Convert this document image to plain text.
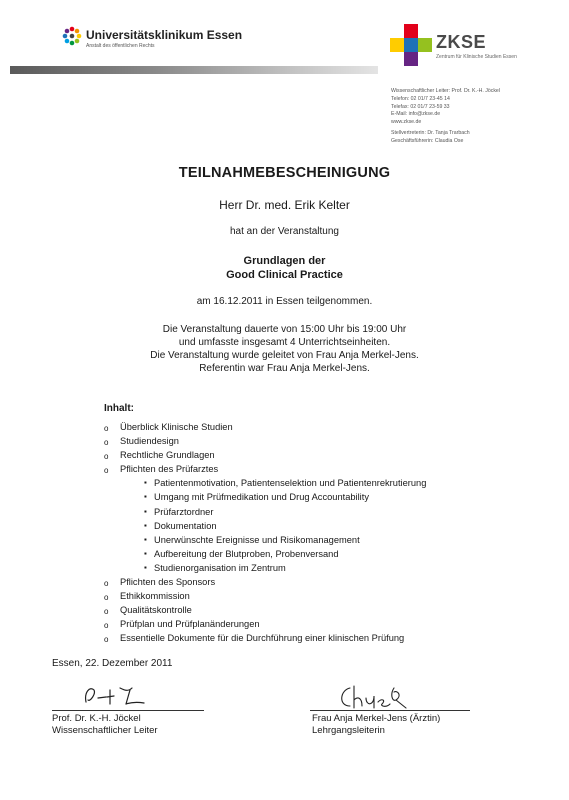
Universitätsklinikum Essen
Anstalt des öffentlichen Rechts	ZKSE
Zentrum für Klinische Studien Essen
Wissenschaftlicher Leiter: Prof. Dr. K.-H. Jöckel
Telefon: 02 01/7 23-45 14
Telefax: 02 01/7 23-59 33
E-Mail: info@zkse.de
www.zkse.de
Stellvertreterin: Dr. Tanja Trarbach
Geschäftsführerin: Claudia Ose
TEILNAHMEBESCHEINIGUNG
Herr Dr. med. Erik Kelter
hat an der Veranstaltung
Grundlagen der
Good Clinical Practice
am 16.12.2011 in Essen teilgenommen.
Die Veranstaltung dauerte von 15:00 Uhr bis 19:00 Uhr
und umfasste insgesamt 4 Unterrichtseinheiten.
Die Veranstaltung wurde geleitet von Frau Anja Merkel-Jens.
Referentin war Frau Anja Merkel-Jens.
Inhalt:
o Überblick Klinische Studien
o Studiendesign
o Rechtliche Grundlagen
o Pflichten des Prüfarztes
▪ Patientenmotivation, Patientenselektion und Patientenrekrutierung
▪ Umgang mit Prüfmedikation und Drug Accountability
▪ Prüfarztordner
▪ Dokumentation
▪ Unerwünschte Ereignisse und Risikomanagement
▪ Aufbereitung der Blutproben, Probenversand
▪ Studienorganisation im Zentrum
o Pflichten des Sponsors
o Ethikkommission
o Qualitätskontrolle
o Prüfplan und Prüfplanänderungen
o Essentielle Dokumente für die Durchführung einer klinischen Prüfung
Essen, 22. Dezember 2011
Prof. Dr. K.-H. Jöckel
Wissenschaftlicher Leiter
Frau Anja Merkel-Jens (Ärztin)
Lehrgangsleiterin
